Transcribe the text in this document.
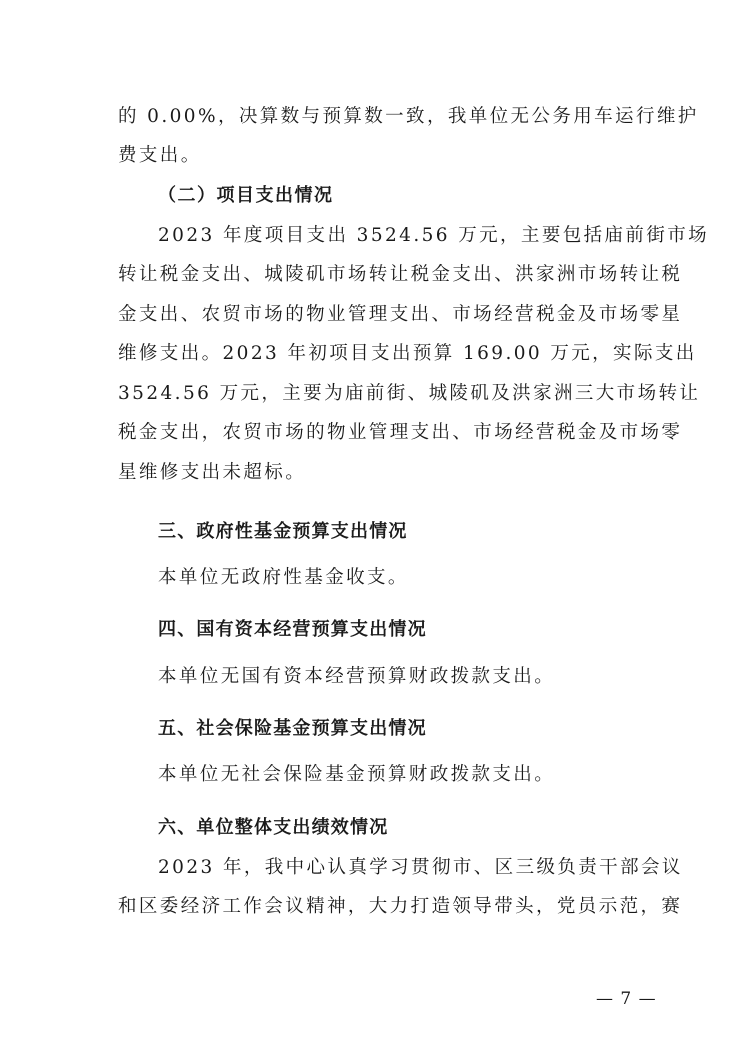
的 0.00%，决算数与预算数一致，我单位无公务用车运行维护
费支出。
（二）项目支出情况
2023 年度项目支出 3524.56 万元，主要包括庙前街市场
转让税金支出、城陵矶市场转让税金支出、洪家洲市场转让税
金支出、农贸市场的物业管理支出、市场经营税金及市场零星
维修支出。2023 年初项目支出预算 169.00 万元，实际支出
3524.56 万元，主要为庙前街、城陵矶及洪家洲三大市场转让
税金支出，农贸市场的物业管理支出、市场经营税金及市场零
星维修支出未超标。
三、政府性基金预算支出情况
本单位无政府性基金收支。
四、国有资本经营预算支出情况
本单位无国有资本经营预算财政拨款支出。
五、社会保险基金预算支出情况
本单位无社会保险基金预算财政拨款支出。
六、单位整体支出绩效情况
2023 年，我中心认真学习贯彻市、区三级负责干部会议
和区委经济工作会议精神，大力打造领导带头，党员示范，赛
— 7 —
